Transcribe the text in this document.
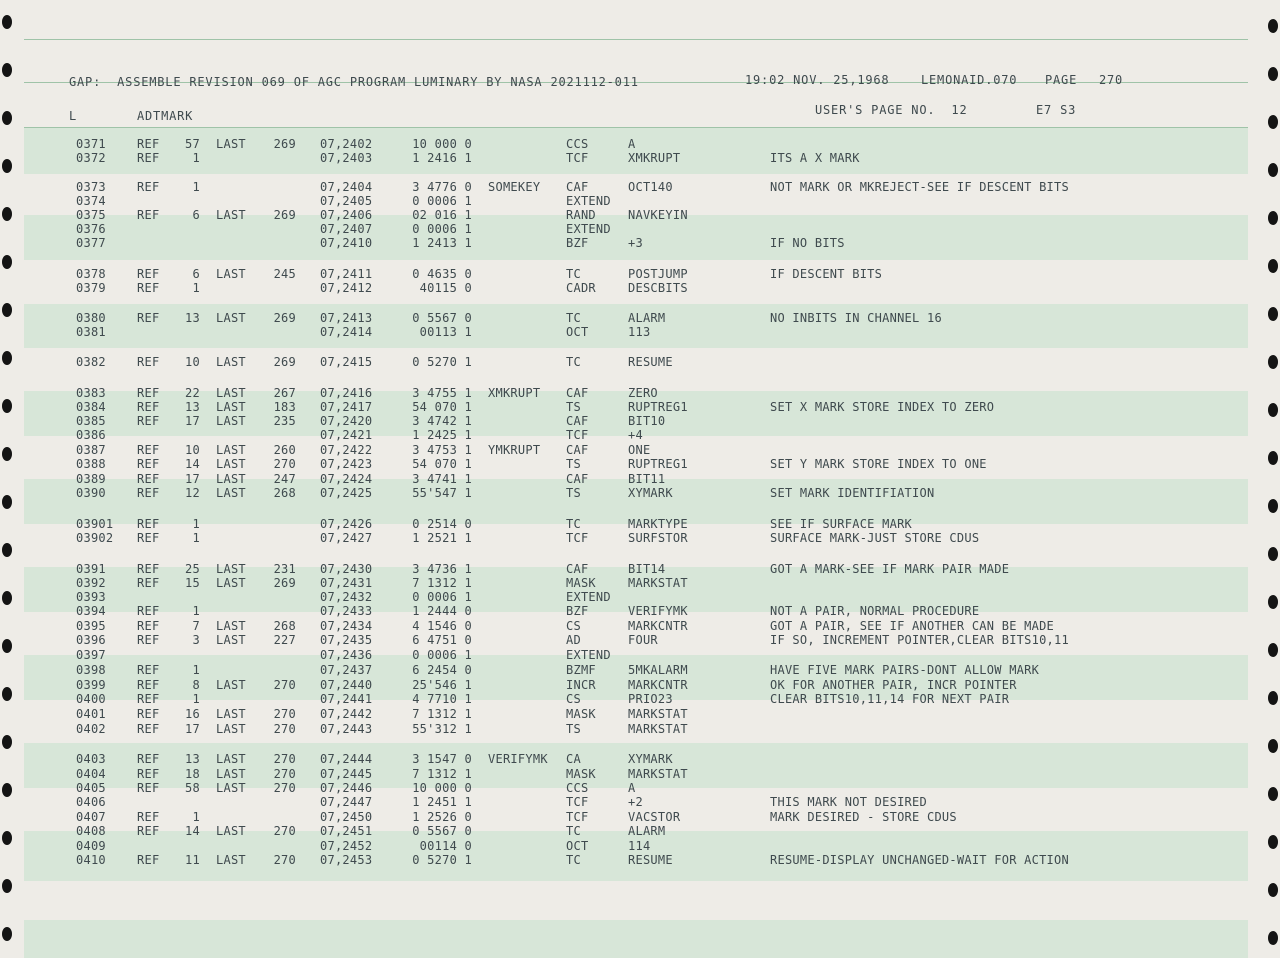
GAP:  ASSEMBLE REVISION 069 OF AGC PROGRAM LUMINARY BY NASA 2021112-011	19:02 NOV. 25,1968	LEMONAID.070 PAGE 270
L	ADTMARK	USER'S PAGE NO.  12	E7 S3
0371	REF	57 LAST	269 07,2402	10 000 0	CCS	A
0372	REF	1	07,2403	1 2416 1	TCF	XMKRUPT	ITS A X MARK
0373	REF	1	07,2404	3 4776 0 SOMEKEY	CAF	OCT140	NOT MARK OR MKREJECT-SEE IF DESCENT BITS
0374	07,2405	0 0006 1	EXTEND
0375	REF	6 LAST	269 07,2406	02 016 1	RAND	NAVKEYIN
0376	07,2407	0 0006 1	EXTEND
0377	07,2410	1 2413 1	BZF	+3	IF NO BITS
0378	REF	6 LAST	245 07,2411	0 4635 0	TC	POSTJUMP	IF DESCENT BITS
0379	REF	1	07,2412	40115 0	CADR	DESCBITS
0380	REF	13 LAST	269 07,2413	0 5567 0	TC	ALARM	NO INBITS IN CHANNEL 16
0381	07,2414	00113 1	OCT	113
0382	REF	10 LAST	269 07,2415	0 5270 1	TC	RESUME
0383	REF	22 LAST	267 07,2416	3 4755 1 XMKRUPT	CAF	ZERO
0384	REF	13 LAST	183 07,2417	54 070 1	TS	RUPTREG1	SET X MARK STORE INDEX TO ZERO
0385	REF	17 LAST	235 07,2420	3 4742 1	CAF	BIT10
0386	07,2421	1 2425 1	TCF	+4
0387	REF	10 LAST	260 07,2422	3 4753 1 YMKRUPT	CAF	ONE
0388	REF	14 LAST	270 07,2423	54 070 1	TS	RUPTREG1	SET Y MARK STORE INDEX TO ONE
0389	REF	17 LAST	247 07,2424	3 4741 1	CAF	BIT11
0390	REF	12 LAST	268 07,2425	55'547 1	TS	XYMARK	SET MARK IDENTIFIATION
03901	REF	1	07,2426	0 2514 0	TC	MARKTYPE	SEE IF SURFACE MARK
03902	REF	1	07,2427	1 2521 1	TCF	SURFSTOR	SURFACE MARK-JUST STORE CDUS
0391	REF	25 LAST	231 07,2430	3 4736 1	CAF	BIT14	GOT A MARK-SEE IF MARK PAIR MADE
0392	REF	15 LAST	269 07,2431	7 1312 1	MASK	MARKSTAT
0393	07,2432	0 0006 1	EXTEND
0394	REF	1	07,2433	1 2444 0	BZF	VERIFYMK	NOT A PAIR, NORMAL PROCEDURE
0395	REF	7 LAST	268 07,2434	4 1546 0	CS	MARKCNTR	GOT A PAIR, SEE IF ANOTHER CAN BE MADE
0396	REF	3 LAST	227 07,2435	6 4751 0	AD	FOUR	IF SO, INCREMENT POINTER,CLEAR BITS10,11
0397	07,2436	0 0006 1	EXTEND
0398	REF	1	07,2437	6 2454 0	BZMF	5MKALARM	HAVE FIVE MARK PAIRS-DONT ALLOW MARK
0399	REF	8 LAST	270 07,2440	25'546 1	INCR	MARKCNTR	OK FOR ANOTHER PAIR, INCR POINTER
0400	REF	1	07,2441	4 7710 1	CS	PRIO23	CLEAR BITS10,11,14 FOR NEXT PAIR
0401	REF	16 LAST	270 07,2442	7 1312 1	MASK	MARKSTAT
0402	REF	17 LAST	270 07,2443	55'312 1	TS	MARKSTAT
0403	REF	13 LAST	270 07,2444	3 1547 0 VERIFYMK	CA	XYMARK
0404	REF	18 LAST	270 07,2445	7 1312 1	MASK	MARKSTAT
0405	REF	58 LAST	270 07,2446	10 000 0	CCS	A
0406	07,2447	1 2451 1	TCF	+2	THIS MARK NOT DESIRED
0407	REF	1	07,2450	1 2526 0	TCF	VACSTOR	MARK DESIRED - STORE CDUS
0408	REF	14 LAST	270 07,2451	0 5567 0	TC	ALARM
0409	07,2452	00114 0	OCT	114
0410	REF	11 LAST	270 07,2453	0 5270 1	TC	RESUME	RESUME-DISPLAY UNCHANGED-WAIT FOR ACTION
